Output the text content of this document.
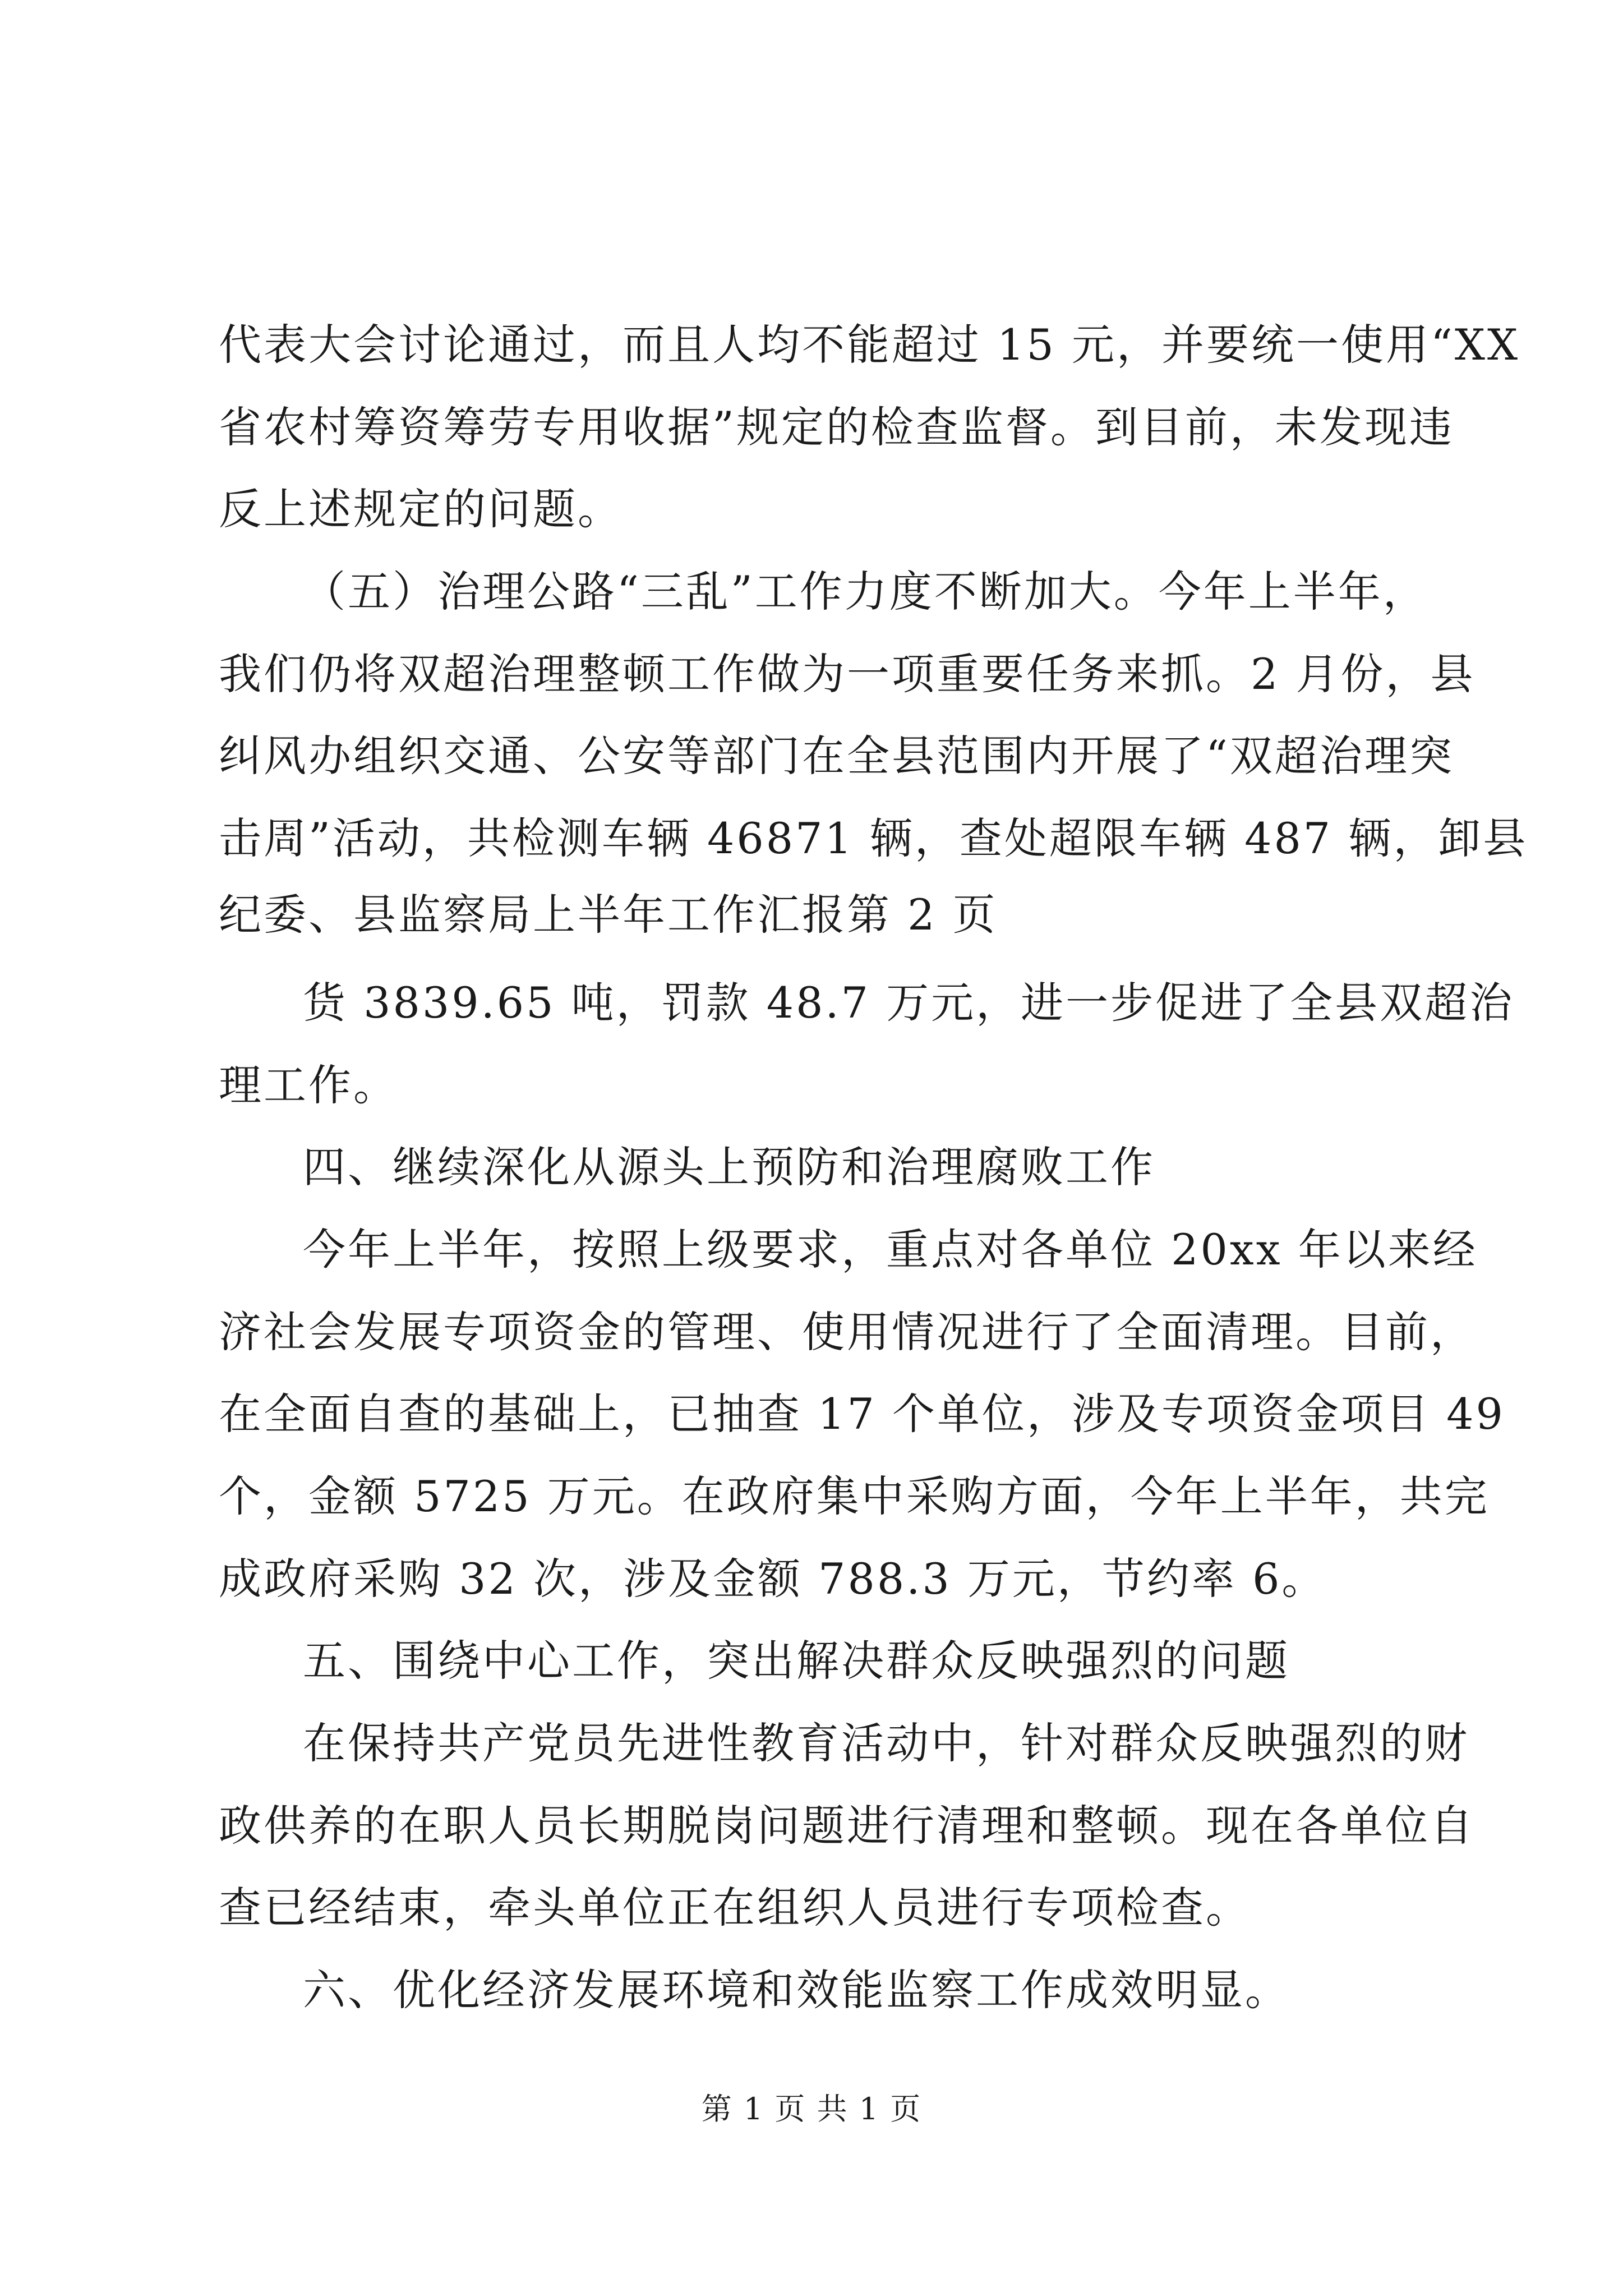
代表大会讨论通过，而且人均不能超过 15 元，并要统一使用“XX
省农村筹资筹劳专用收据”规定的检查监督。到目前，未发现违
反上述规定的问题。
（五）治理公路“三乱”工作力度不断加大。今年上半年，
我们仍将双超治理整顿工作做为一项重要任务来抓。2 月份，县
纠风办组织交通、公安等部门在全县范围内开展了“双超治理突
击周”活动，共检测车辆 46871 辆，查处超限车辆 487 辆，卸县
纪委、县监察局上半年工作汇报第 2 页
货 3839.65 吨，罚款 48.7 万元，进一步促进了全县双超治
理工作。
四、继续深化从源头上预防和治理腐败工作
今年上半年，按照上级要求，重点对各单位 20xx 年以来经
济社会发展专项资金的管理、使用情况进行了全面清理。目前，
在全面自查的基础上，已抽查 17 个单位，涉及专项资金项目 49
个，金额 5725 万元。在政府集中采购方面，今年上半年，共完
成政府采购 32 次，涉及金额 788.3 万元，节约率 6。
五、围绕中心工作，突出解决群众反映强烈的问题
在保持共产党员先进性教育活动中，针对群众反映强烈的财
政供养的在职人员长期脱岗问题进行清理和整顿。现在各单位自
查已经结束，牵头单位正在组织人员进行专项检查。
六、优化经济发展环境和效能监察工作成效明显。
第 1 页 共 1 页
